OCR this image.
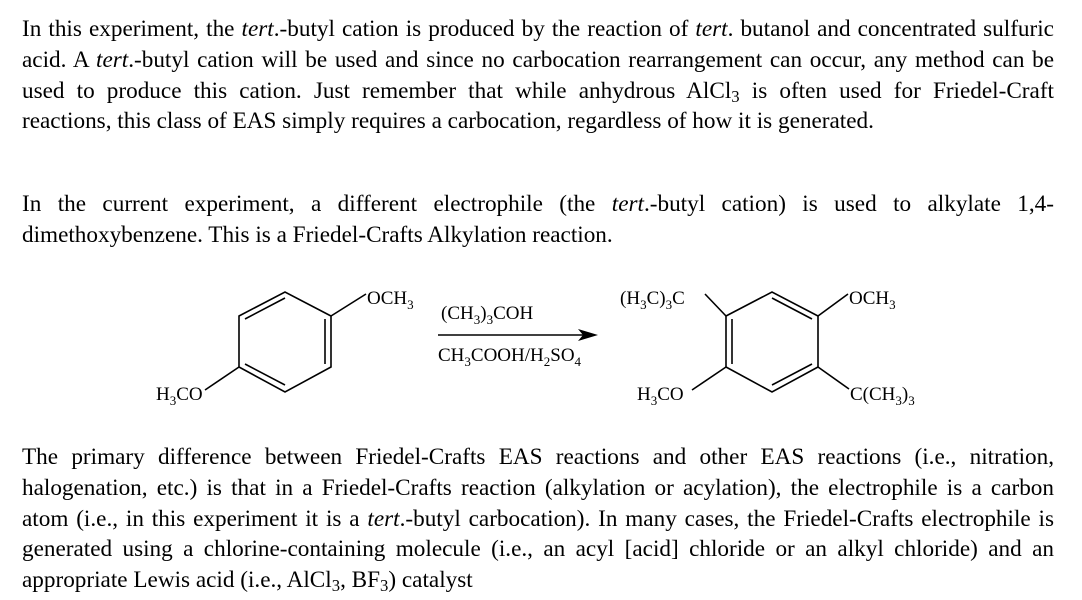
In this experiment, the tert.-butyl cation is produced by the reaction of tert. butanol and concentrated sulfuric acid. A tert.-butyl cation will be used and since no carbocation rearrangement can occur, any method can be used to produce this cation. Just remember that while anhydrous AlCl$_3$ is often used for Friedel-Craft reactions, this class of EAS simply requires a carbocation, regardless of how it is generated.

In the current experiment, a different electrophile (the tert.-butyl cation) is used to alkylate 1,4-dimethoxybenzene. This is a Friedel-Crafts Alkylation reaction.

$OCH_3$
$H_3CO$
$(CH_3)_3COH$
$CH_3COOH/H_2SO_4$
$(H_3C)_3C$	$OCH_3$
$H_3CO$	$C(CH_3)_3$

The primary difference between Friedel-Crafts EAS reactions and other EAS reactions (i.e., nitration, halogenation, etc.) is that in a Friedel-Crafts reaction (alkylation or acylation), the electrophile is a carbon atom (i.e., in this experiment it is a tert.-butyl carbocation). In many cases, the Friedel-Crafts electrophile is generated using a chlorine-containing molecule (i.e., an acyl [acid] chloride or an alkyl chloride) and an appropriate Lewis acid (i.e., AlCl$_3$, $BF_3$) catalyst
